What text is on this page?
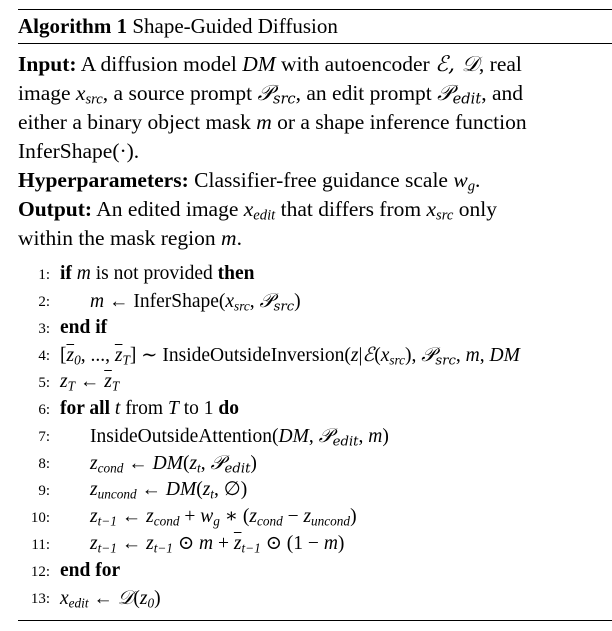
Algorithm 1 Shape-Guided Diffusion
Input: A diffusion model DM with autoencoder ℰ, 𝒟, real
image $x_{src}$, a source prompt 𝒫$_{src}$, an edit prompt 𝒫$_{edit}$, and
either a binary object mask m or a shape inference function
InferShape(·).
Hyperparameters: Classifier-free guidance scale $w_g$.
Output: An edited image $x_{edit}$ that differs from $x_{src}$ only
within the mask region m.
1: if m is not provided then
2: m ← $InferShape(x_{src}$, 𝒫$_{src}$)
3: end if
4: [$\overline{z}_0$, ..., $\overline{z}_T$] ∼ $InsideOutsideInversion(z|ℰ(x_{src})$, 𝒫$_{src}$, m, DM
5: $z_T$ ← $\overline{z}_T$
6: for all t from T to 1 do
7: InsideOutsideAttention(DM, 𝒫$_{edit}$, m)
8: $z_{cond}$ ← $DM(z_t$, 𝒫$_{edit}$)
9: $z_{uncond}$ ← $DM(z_t$, ∅)
10: $z_{t-1}$ ← $z_{cond} + w_g$ ∗ $(z_{cond} - z_{uncond})$
11: $z_{t-1}$ ← $z_{t-1}$ ⊙ $m + \overline{z}_{t-1}$ ⊙ (1 − m)
12: end for
13: $x_{edit}$ ← $𝒟(z_0)$
